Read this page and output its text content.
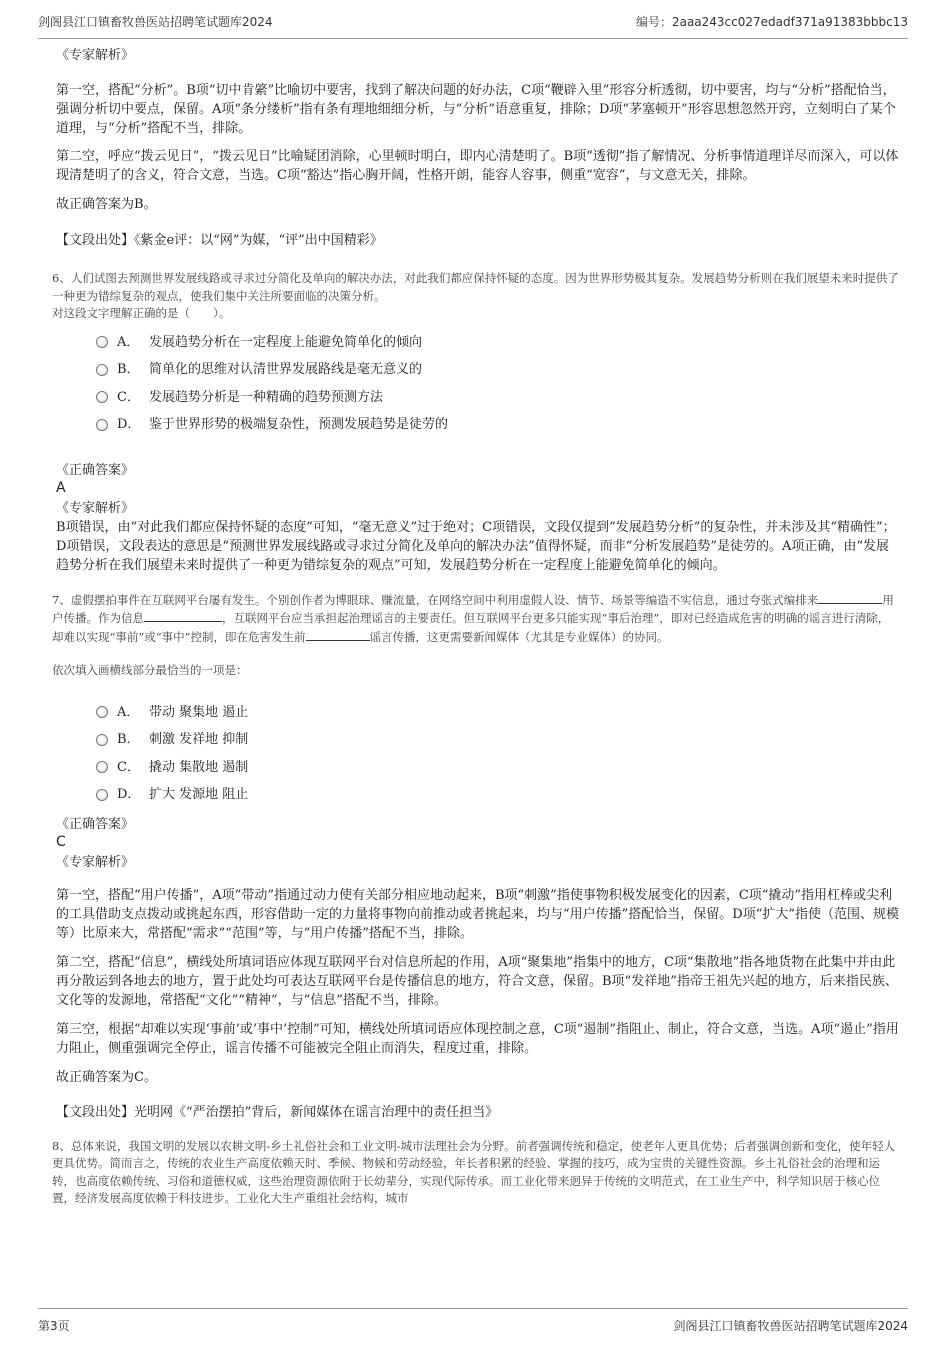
剑阁县江口镇畜牧兽医站招聘笔试题库2024	编号：2aaa243cc027edadf371a91383bbbc13

《专家解析》

第一空，搭配“分析”。B项“切中肯綮”比喻切中要害，找到了解决问题的好办法，C项“鞭辟入里”形容分析透彻，切中要害，均与“分析”搭配恰当，强调分析切中要点，保留。A项“条分缕析”指有条有理地细细分析，与“分析”语意重复，排除；D项“茅塞顿开”形容思想忽然开窍，立刻明白了某个道理，与“分析”搭配不当，排除。

第二空，呼应“拨云见日”，“拨云见日”比喻疑团消除，心里顿时明白，即内心清楚明了。B项“透彻”指了解情况、分析事情道理详尽而深入，可以体现清楚明了的含义，符合文意，当选。C项“豁达”指心胸开阔，性格开朗，能容人容事，侧重“宽容”，与文意无关，排除。

故正确答案为B。

【文段出处】《紫金e评：以“网”为媒，“评”出中国精彩》

6、人们试图去预测世界发展线路或寻求过分简化及单向的解决办法，对此我们都应保持怀疑的态度。因为世界形势极其复杂。发展趋势分析则在我们展望未来时提供了一种更为错综复杂的观点，使我们集中关注所要面临的决策分析。

对这段文字理解正确的是（　　）。

A． 发展趋势分析在一定程度上能避免简单化的倾向
B． 简单化的思维对认清世界发展路线是毫无意义的
C． 发展趋势分析是一种精确的趋势预测方法
D． 鉴于世界形势的极端复杂性，预测发展趋势是徒劳的

《正确答案》

A

《专家解析》

B项错误，由“对此我们都应保持怀疑的态度”可知，“毫无意义”过于绝对；C项错误，文段仅提到“发展趋势分析”的复杂性，并未涉及其“精确性”；D项错误，文段表达的意思是“预测世界发展线路或寻求过分简化及单向的解决办法”值得怀疑，而非“分析发展趋势”是徒劳的。A项正确，由“发展趋势分析在我们展望未来时提供了一种更为错综复杂的观点”可知，发展趋势分析在一定程度上能避免简单化的倾向。

7、虚假摆拍事件在互联网平台屡有发生。个别创作者为博眼球、赚流量，在网络空间中利用虚假人设、情节、场景等编造不实信息，通过夸张式编排来	用户传播。作为信息	，互联网平台应当承担起治理谣言的主要责任。但互联网平台更多只能实现“事后治理”，即对已经造成危害的明确的谣言进行清除，却难以实现“事前”或“事中”控制，即在危害发生前	谣言传播，这更需要新闻媒体（尤其是专业媒体）的协同。

依次填入画横线部分最恰当的一项是：

A． 带动 聚集地 遏止
B． 刺激 发祥地 抑制
C． 撬动 集散地 遏制
D． 扩大 发源地 阻止

《正确答案》

C

《专家解析》

第一空，搭配“用户传播”，A项“带动”指通过动力使有关部分相应地动起来，B项“刺激”指使事物积极发展变化的因素，C项“撬动”指用杠棒或尖利的工具借助支点拨动或挑起东西，形容借助一定的力量将事物向前推动或者挑起来，均与“用户传播”搭配恰当，保留。D项“扩大”指使（范围、规模等）比原来大，常搭配“需求”“范围”等，与“用户传播”搭配不当，排除。

第二空，搭配“信息”，横线处所填词语应体现互联网平台对信息所起的作用，A项“聚集地”指集中的地方，C项“集散地”指各地货物在此集中并由此再分散运到各地去的地方，置于此处均可表达互联网平台是传播信息的地方，符合文意，保留。B项“发祥地”指帝王祖先兴起的地方，后来指民族、文化等的发源地，常搭配“文化”“精神”，与“信息”搭配不当，排除。

第三空，根据“却难以实现‘事前’或‘事中’控制”可知，横线处所填词语应体现控制之意，C项“遏制”指阻止、制止，符合文意，当选。A项“遏止”指用力阻止，侧重强调完全停止，谣言传播不可能被完全阻止而消失，程度过重，排除。

故正确答案为C。

【文段出处】光明网《“严治摆拍”背后，新闻媒体在谣言治理中的责任担当》

8、总体来说，我国文明的发展以农耕文明-乡土礼俗社会和工业文明-城市法理社会为分野。前者强调传统和稳定，使老年人更具优势；后者强调创新和变化，使年轻人更具优势。简而言之，传统的农业生产高度依赖天时、季候、物候和劳动经验，年长者积累的经验、掌握的技巧，成为宝贵的关键性资源。乡土礼俗社会的治理和运转，也高度依赖传统、习俗和道德权威，这些治理资源依附于长幼辈分，实现代际传承。而工业化带来迥异于传统的文明范式，在工业生产中，科学知识居于核心位置，经济发展高度依赖于科技进步。工业化大生产重组社会结构，城市

第3页	剑阁县江口镇畜牧兽医站招聘笔试题库2024
